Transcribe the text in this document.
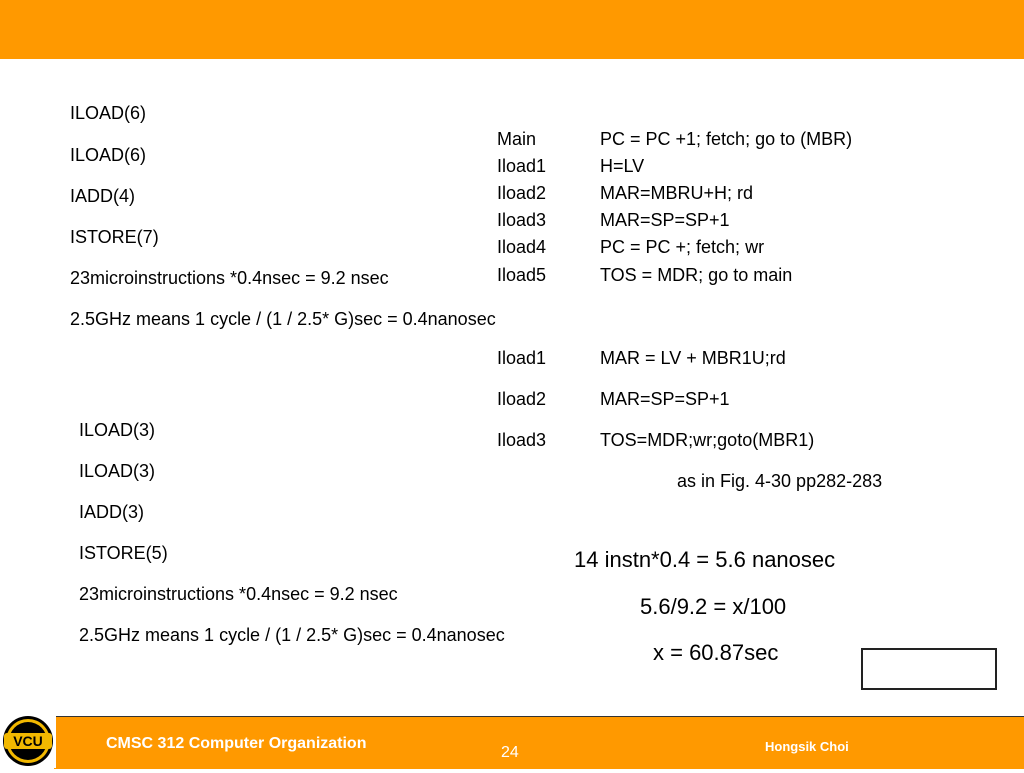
ILOAD(6)
ILOAD(6)
IADD(4)
ISTORE(7)
23microinstructions *0.4nsec = 9.2 nsec
2.5GHz means 1 cycle / (1 / 2.5* G)sec = 0.4nanosec
Main	PC = PC +1; fetch; go to (MBR)
Iload1	H=LV
Iload2	MAR=MBRU+H; rd
Iload3	MAR=SP=SP+1
Iload4	PC = PC +; fetch; wr
Iload5	TOS = MDR; go to main
Iload1	MAR = LV + MBR1U;rd
Iload2	MAR=SP=SP+1
Iload3	TOS=MDR;wr;goto(MBR1)
as in Fig. 4-30 pp282-283
ILOAD(3)
ILOAD(3)
IADD(3)
ISTORE(5)
23microinstructions *0.4nsec = 9.2 nsec
2.5GHz means 1 cycle / (1 / 2.5* G)sec = 0.4nanosec
14 instn*0.4 = 5.6 nanosec
5.6/9.2 = x/100
x = 60.87sec
CMSC 312 Computer Organization
24	Hongsik Choi
VCU
